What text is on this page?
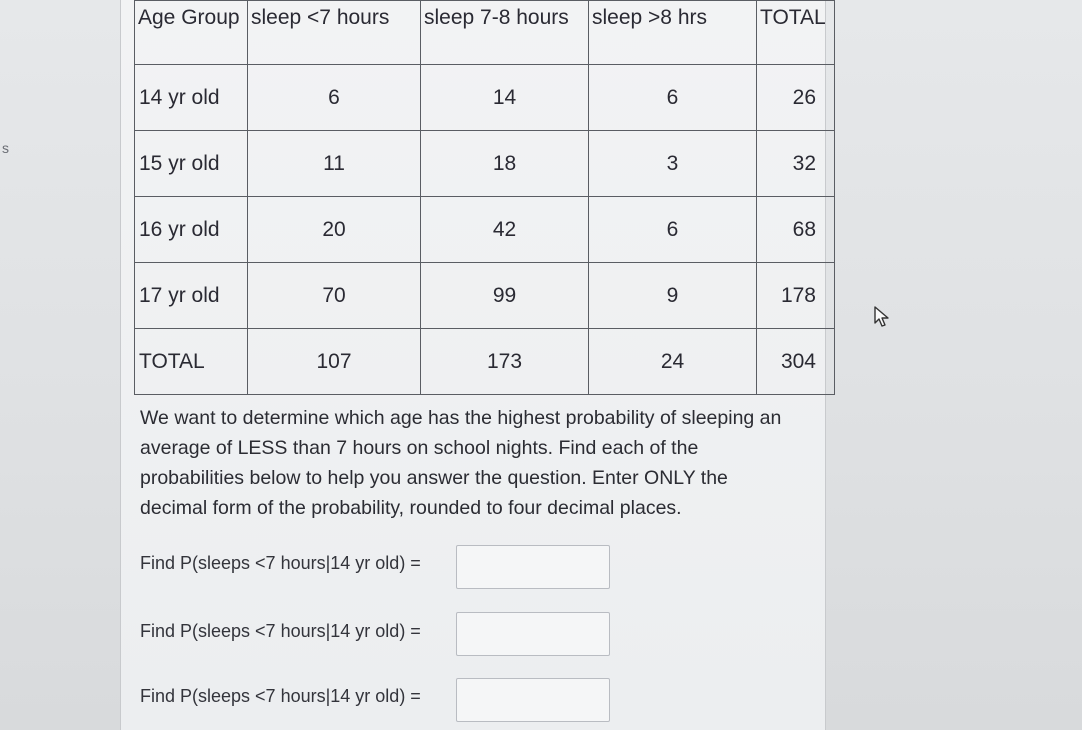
s
Age Group	sleep <7 hours	sleep 7-8 hours	sleep >8 hrs	TOTAL
14 yr old	6	14	6	26
15 yr old	11	18	3	32
16 yr old	20	42	6	68
17 yr old	70	99	9	178
TOTAL	107	173	24	304
We want to determine which age has the highest probability of sleeping an average of LESS than 7 hours on school nights. Find each of the probabilities below to help you answer the question. Enter ONLY the decimal form of the probability, rounded to four decimal places.
Find P(sleeps <7 hours|14 yr old) =
Find P(sleeps <7 hours|14 yr old) =
Find P(sleeps <7 hours|14 yr old) =
